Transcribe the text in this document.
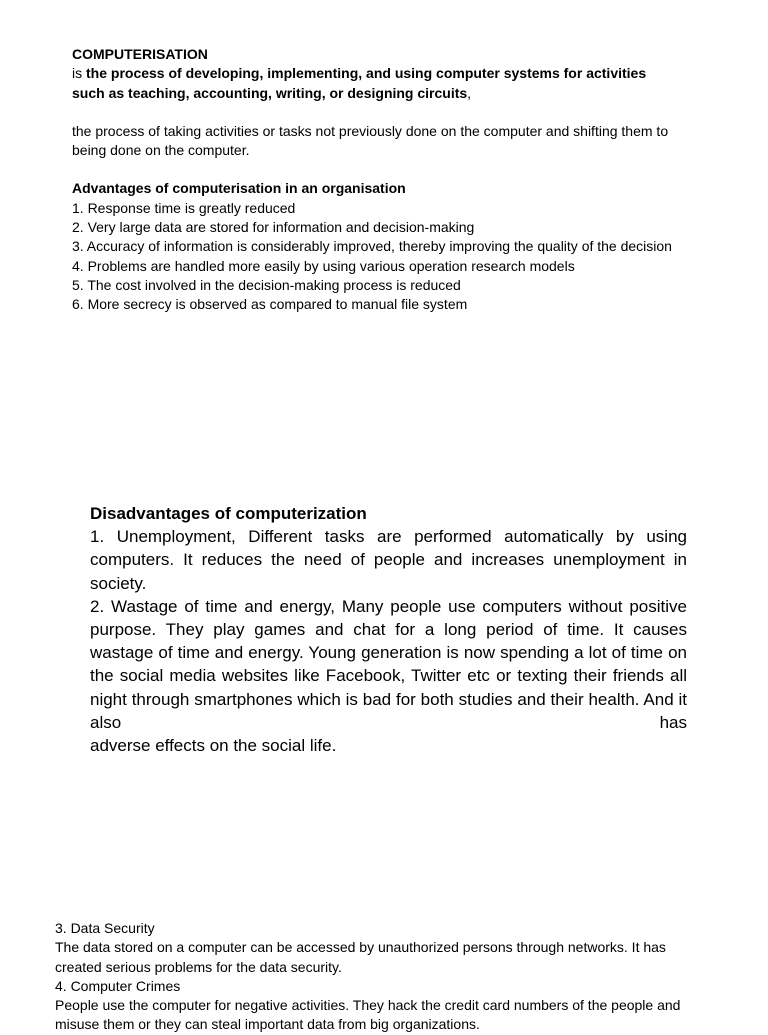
COMPUTERISATION

is the process of developing, implementing, and using computer systems for activities such as teaching, accounting, writing, or designing circuits,

the process of taking activities or tasks not previously done on the computer and shifting them to being done on the computer.

Advantages of computerisation in an organisation

1. Response time is greatly reduced

2. Very large data are stored for information and decision-making

3. Accuracy of information is considerably improved, thereby improving the quality of the decision

4. Problems are handled more easily by using various operation research models

5. The cost involved in the decision-making process is reduced

6. More secrecy is observed as compared to manual file system

Disadvantages of computerization

1. Unemployment, Different tasks are performed automatically by using computers. It reduces the need of people and increases unemployment in society.

2. Wastage of time and energy, Many people use computers without positive purpose. They play games and chat for a long period of time. It causes wastage of time and energy. Young generation is now spending a lot of time on the social media websites like Facebook, Twitter etc or texting their friends all night through smartphones which is bad for both studies and their health. And it also has

adverse effects on the social life.

3. Data Security

The data stored on a computer can be accessed by unauthorized persons through networks. It has created serious problems for the data security.

4. Computer Crimes

People use the computer for negative activities. They hack the credit card numbers of the people and misuse them or they can steal important data from big organizations.
